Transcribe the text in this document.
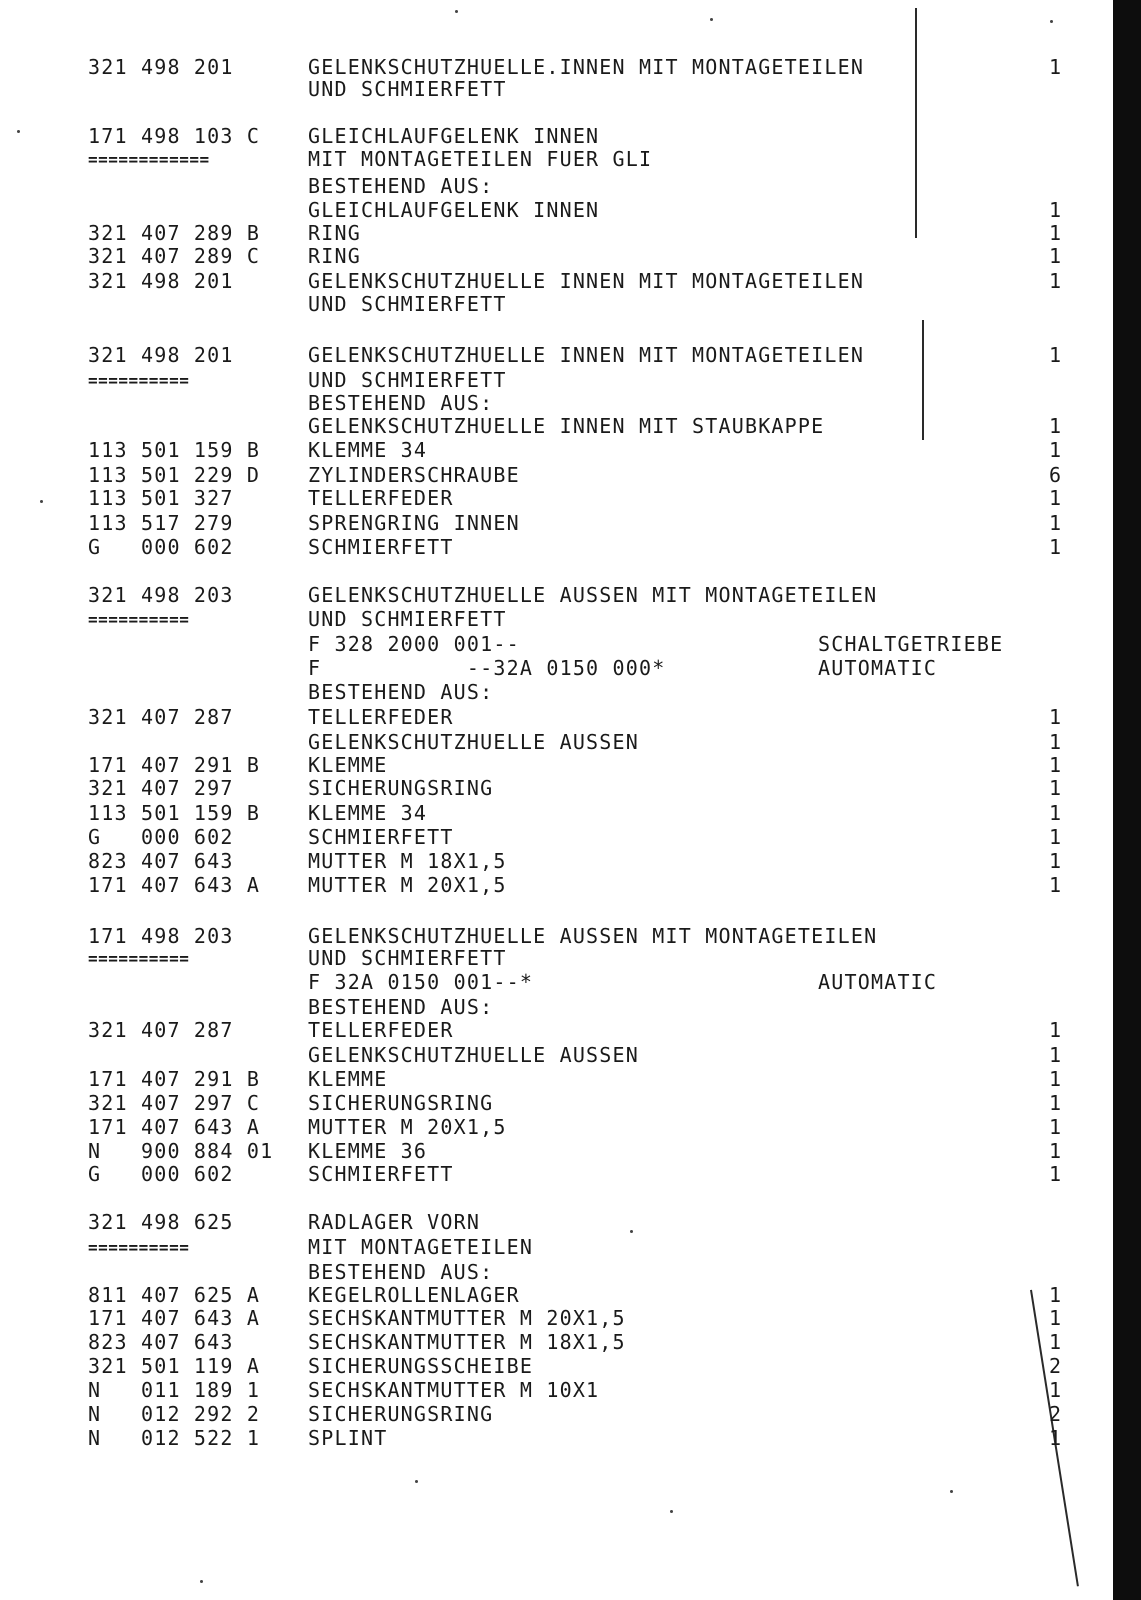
321 498 201	GELENKSCHUTZHUELLE.INNEN MIT MONTAGETEILEN	1
UND SCHMIERFETT
171 498 103 C GLEICHLAUFGELENK INNEN
============	MIT MONTAGETEILEN FUER GLI
BESTEHEND AUS:
GLEICHLAUFGELENK INNEN	1
321 407 289 B RING	1
321 407 289 C RING	1
321 498 201	GELENKSCHUTZHUELLE INNEN MIT MONTAGETEILEN	1
UND SCHMIERFETT
321 498 201	GELENKSCHUTZHUELLE INNEN MIT MONTAGETEILEN	1
==========	UND SCHMIERFETT
BESTEHEND AUS:
GELENKSCHUTZHUELLE INNEN MIT STAUBKAPPE	1
113 501 159 B KLEMME 34	1
113 501 229 D ZYLINDERSCHRAUBE	6
113 501 327	TELLERFEDER	1
113 517 279	SPRENGRING INNEN	1
G   000 602	SCHMIERFETT	1
321 498 203	GELENKSCHUTZHUELLE AUSSEN MIT MONTAGETEILEN
==========	UND SCHMIERFETT
F 328 2000 001--	SCHALTGETRIEBE
F           --32A 0150 000*	AUTOMATIC
BESTEHEND AUS:
321 407 287	TELLERFEDER	1
GELENKSCHUTZHUELLE AUSSEN	1
171 407 291 B KLEMME	1
321 407 297	SICHERUNGSRING	1
113 501 159 B KLEMME 34	1
G   000 602	SCHMIERFETT	1
823 407 643	MUTTER M 18X1,5	1
171 407 643 A MUTTER M 20X1,5	1
171 498 203	GELENKSCHUTZHUELLE AUSSEN MIT MONTAGETEILEN
==========	UND SCHMIERFETT
F 32A 0150 001--*	AUTOMATIC
BESTEHEND AUS:
321 407 287	TELLERFEDER	1
GELENKSCHUTZHUELLE AUSSEN	1
171 407 291 B KLEMME	1
321 407 297 C SICHERUNGSRING	1
171 407 643 A MUTTER M 20X1,5	1
N   900 884 01 KLEMME 36	1
G   000 602	SCHMIERFETT	1
321 498 625	RADLAGER VORN
==========	MIT MONTAGETEILEN
BESTEHEND AUS:
811 407 625 A KEGELROLLENLAGER	1
171 407 643 A SECHSKANTMUTTER M 20X1,5	1
823 407 643	SECHSKANTMUTTER M 18X1,5	1
321 501 119 A SICHERUNGSSCHEIBE	2
N   011 189 1 SECHSKANTMUTTER M 10X1	1
N   012 292 2 SICHERUNGSRING	2
N   012 522 1 SPLINT	1
